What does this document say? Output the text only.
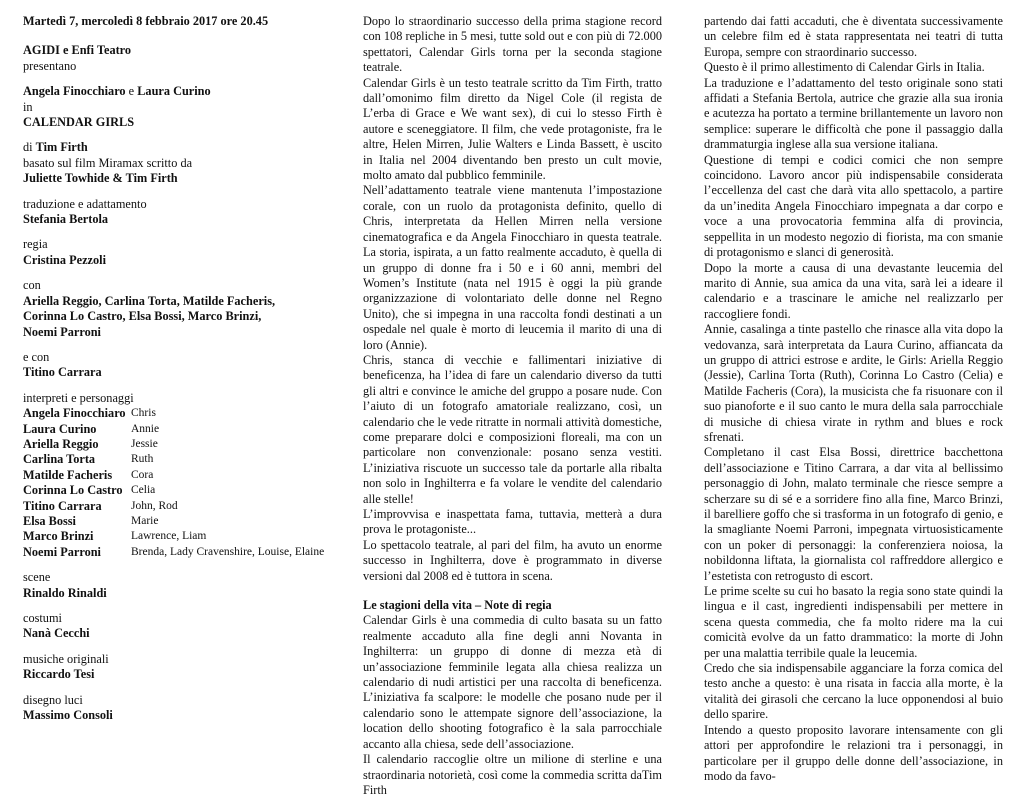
Martedì 7, mercoledì 8 febbraio 2017 ore 20.45

AGIDI e Enfi Teatro

presentano

Angela Finocchiaro e Laura Curino

in

CALENDAR GIRLS

di Tim Firth

basato sul film Miramax scritto da

Juliette Towhide & Tim Firth

traduzione e adattamento

Stefania Bertola

regia

Cristina Pezzoli

con

Ariella Reggio, Carlina Torta, Matilde Facheris,

Corinna Lo Castro, Elsa Bossi, Marco Brinzi,

Noemi Parroni

e con

Titino Carrara

interpreti e personaggi

Angela Finocchiaro Chris
Laura Curino	Annie
Ariella Reggio	Jessie
Carlina Torta	Ruth
Matilde Facheris	Cora
Corinna Lo Castro Celia
Titino Carrara	John, Rod
Elsa Bossi	Marie
Marco Brinzi	Lawrence, Liam
Noemi Parroni	Brenda, Lady Cravenshire, Louise, Elaine

scene

Rinaldo Rinaldi

costumi

Nanà Cecchi

musiche originali

Riccardo Tesi

disegno luci

Massimo Consoli

Dopo lo straordinario successo della prima stagione record con 108 repliche in 5 mesi, tutte sold out e con più di 72.000 spettatori, Calendar Girls torna per la seconda stagione teatrale.

Calendar Girls è un testo teatrale scritto da Tim Firth, tratto dall’omonimo film diretto da Nigel Cole (il regista de L’erba di Grace e We want sex), di cui lo stesso Firth è autore e sceneggiatore. Il film, che vede protagoniste, fra le altre, Helen Mirren, Julie Walters e Linda Bassett, è uscito in Italia nel 2004 diventando ben presto un cult movie, molto amato dal pubblico femminile.

Nell’adattamento teatrale viene mantenuta l’impostazione corale, con un ruolo da protagonista definito, quello di Chris, interpretata da Hellen Mirren nella versione cinematografica e da Angela Finocchiaro in questa teatrale. La storia, ispirata, a un fatto realmente accaduto, è quella di un gruppo di donne fra i 50 e i 60 anni, membri del Women’s Institute (nata nel 1915 è oggi la più grande organizzazione di volontariato delle donne nel Regno Unito), che si impegna in una raccolta fondi destinati a un ospedale nel quale è morto di leucemia il marito di una di loro (Annie).

Chris, stanca di vecchie e fallimentari iniziative di beneficenza, ha l’idea di fare un calendario diverso da tutti gli altri e convince le amiche del gruppo a posare nude. Con l’aiuto di un fotografo amatoriale realizzano, così, un calendario che le vede ritratte in normali attività domestiche, come preparare dolci e composizioni floreali, ma con un particolare non convenzionale: posano senza vestiti. L’iniziativa riscuote un successo tale da portarle alla ribalta non solo in Inghilterra e fa volare le vendite del calendario alle stelle!

L’improvvisa e inaspettata fama, tuttavia, metterà a dura prova le protagoniste...

Lo spettacolo teatrale, al pari del film, ha avuto un enorme successo in Inghilterra, dove è programmato in diverse versioni dal 2008 ed è tuttora in scena.

Le stagioni della vita – Note di regia

Calendar Girls è una commedia di culto basata su un fatto realmente accaduto alla fine degli anni Novanta in Inghilterra: un gruppo di donne di mezza età di un’associazione femminile legata alla chiesa realizza un calendario di nudi artistici per una raccolta di beneficenza. L’iniziativa fa scalpore: le modelle che posano nude per il calendario sono le attempate signore dell’associazione, la location dello shooting fotografico è la sala parrocchiale accanto alla chiesa, sede dell’associazione.

Il calendario raccoglie oltre un milione di sterline e una straordinaria notorietà, così come la commedia scritta daTim Firth

partendo dai fatti accaduti, che è diventata successivamente un celebre film ed è stata rappresentata nei teatri di tutta Europa, sempre con straordinario successo.

Questo è il primo allestimento di Calendar Girls in Italia.

La traduzione e l’adattamento del testo originale sono stati affidati a Stefania Bertola, autrice che grazie alla sua ironia e acutezza ha portato a termine brillantemente un lavoro non semplice: superare le difficoltà che pone il passaggio dalla drammaturgia inglese alla sua versione italiana.

Questione di tempi e codici comici che non sempre coincidono. Lavoro ancor più indispensabile considerata l’eccellenza del cast che darà vita allo spettacolo, a partire da un’inedita Angela Finocchiaro impegnata a dar corpo e voce a una provocatoria femmina alfa di provincia, seppellita in un modesto negozio di fiorista, ma con smanie di protagonismo e slanci di generosità.

Dopo la morte a causa di una devastante leucemia del marito di Annie, sua amica da una vita, sarà lei a ideare il calendario e a trascinare le amiche nel realizzarlo per raccogliere fondi.

Annie, casalinga a tinte pastello che rinasce alla vita dopo la vedovanza, sarà interpretata da Laura Curino, affiancata da un gruppo di attrici estrose e ardite, le Girls: Ariella Reggio (Jessie), Carlina Torta (Ruth), Corinna Lo Castro (Celia) e Matilde Facheris (Cora), la musicista che fa risuonare con il suo pianoforte e il suo canto le mura della sala parrocchiale di musiche di chiesa virate in rythm and blues e rock sfrenati.

Completano il cast Elsa Bossi, direttrice bacchettona dell’associazione e Titino Carrara, a dar vita al bellissimo personaggio di John, malato terminale che riesce sempre a scherzare su di sé e a sorridere fino alla fine, Marco Brinzi, il barelliere goffo che si trasforma in un fotografo di genio, e la smagliante Noemi Parroni, impegnata virtuosisticamente con un poker di personaggi: la conferenziera noiosa, la nobildonna liftata, la giornalista col raffreddore allergico e l’estetista con retrogusto di escort.

Le prime scelte su cui ho basato la regia sono state quindi la lingua e il cast, ingredienti indispensabili per mettere in scena questa commedia, che fa molto ridere ma la cui comicità evolve da un fatto drammatico: la morte di John per una malattia terribile quale la leucemia.

Credo che sia indispensabile agganciare la forza comica del testo anche a questo: è una risata in faccia alla morte, è la vitalità dei girasoli che cercano la luce opponendosi al buio dello sparire.

Intendo a questo proposito lavorare intensamente con gli attori per approfondire le relazioni tra i personaggi, in particolare per il gruppo delle donne dell’associazione, in modo da favo-
